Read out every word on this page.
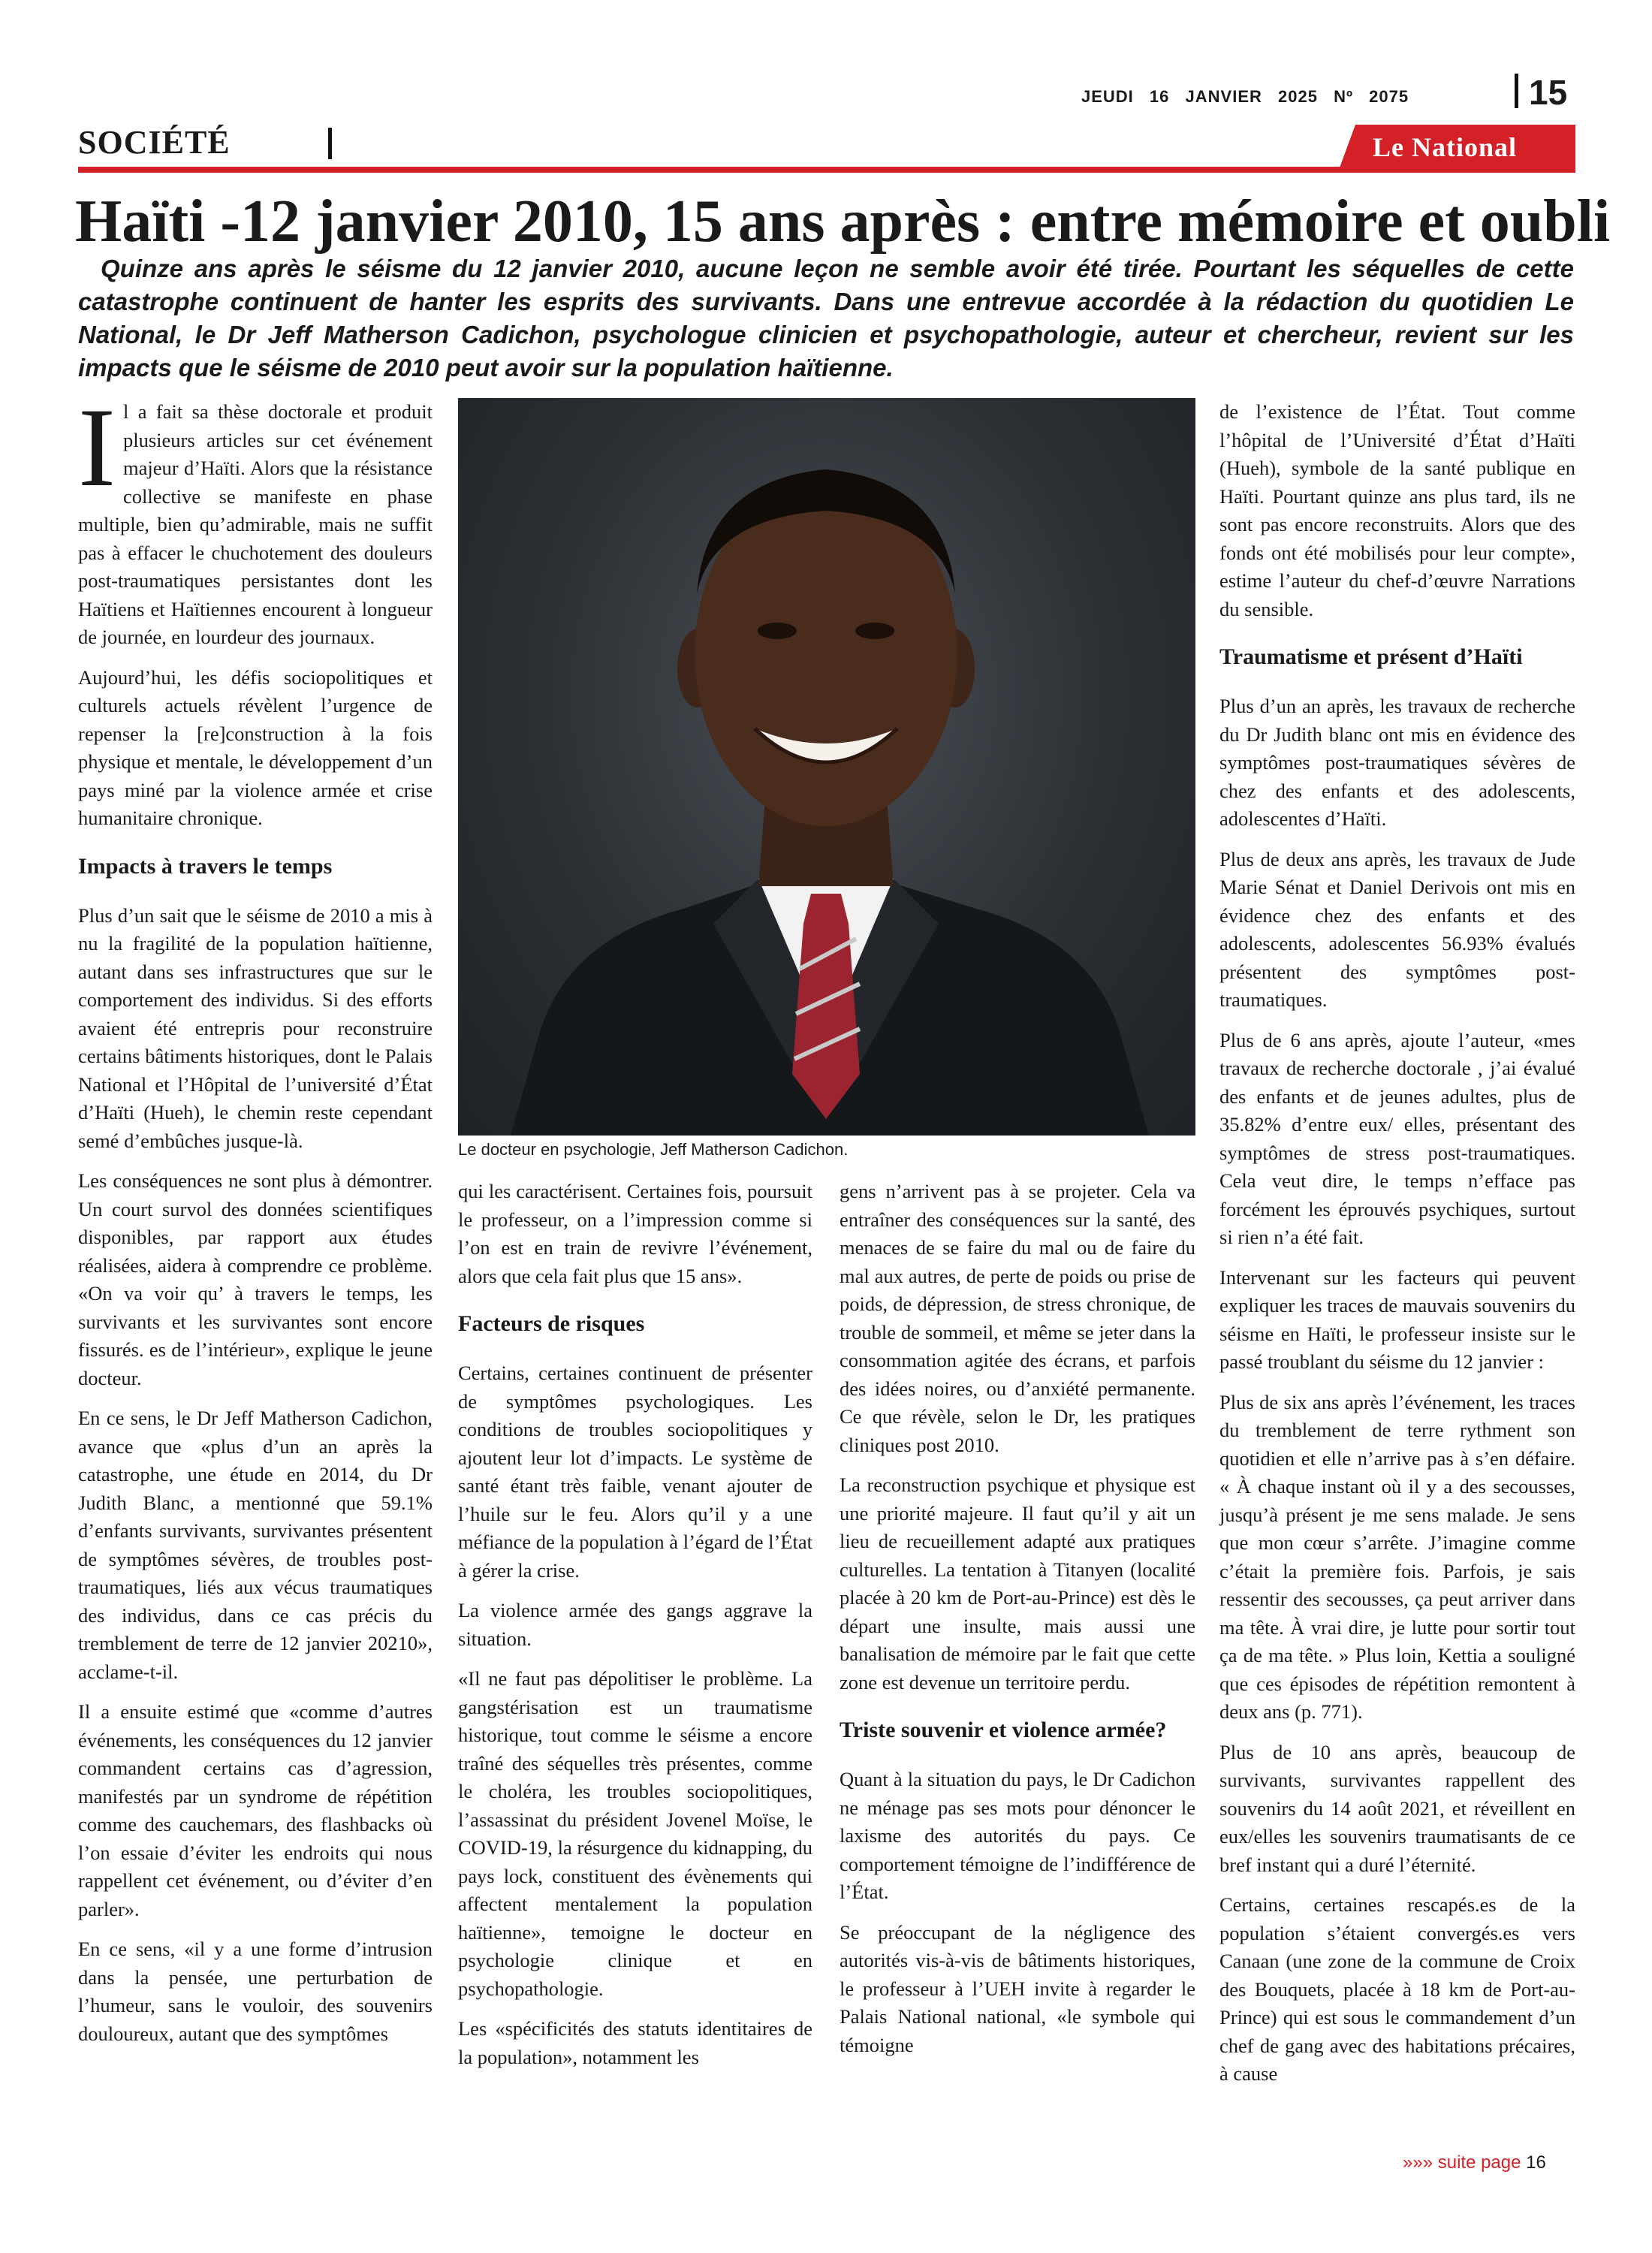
JEUDI 16 JANVIER 2025 Nº 2075	15
SOCIÉTÉ	Le National
Haïti -12 janvier 2010, 15 ans après : entre mémoire et oubli
Quinze ans après le séisme du 12 janvier 2010, aucune leçon ne semble avoir été tirée. Pourtant les séquelles de cette catastrophe continuent de hanter les esprits des survivants. Dans une entrevue accordée à la rédaction du quotidien Le National, le Dr Jeff Matherson Cadichon, psychologue clinicien et psychopathologie, auteur et chercheur, revient sur les impacts que le séisme de 2010 peut avoir sur la population haïtienne.

Il a fait sa thèse doctorale et produit plusieurs articles sur cet événement majeur d’Haïti. Alors que la résistance collective se manifeste en phase multiple, bien qu’admirable, mais ne suffit pas à effacer le chuchotement des douleurs post-traumatiques persistantes dont les Haïtiens et Haïtiennes encourent à longueur de journée, en lourdeur des journaux.

Aujourd’hui, les défis sociopolitiques et culturels actuels révèlent l’urgence de repenser la [re]construction à la fois physique et mentale, le développement d’un pays miné par la violence armée et crise humanitaire chronique.

Impacts à travers le temps

Plus d’un sait que le séisme de 2010 a mis à nu la fragilité de la population haïtienne, autant dans ses infrastructures que sur le comportement des individus. Si des efforts avaient été entrepris pour reconstruire certains bâtiments historiques, dont le Palais National et l’Hôpital de l’université d’État d’Haïti (Hueh), le chemin reste cependant semé d’embûches jusque-là.

Les conséquences ne sont plus à démontrer. Un court survol des données scientifiques disponibles, par rapport aux études réalisées, aidera à comprendre ce problème. «On va voir qu’ à travers le temps, les survivants et les survivantes sont encore fissurés. es de l’intérieur», explique le jeune docteur.

En ce sens, le Dr Jeff Matherson Cadichon, avance que «plus d’un an après la catastrophe, une étude en 2014, du Dr Judith Blanc, a mentionné que 59.1% d’enfants survivants, survivantes présentent de symptômes sévères, de troubles post-traumatiques, liés aux vécus traumatiques des individus, dans ce cas précis du tremblement de terre de 12 janvier 20210», acclame-t-il.

Il a ensuite estimé que «comme d’autres événements, les conséquences du 12 janvier commandent certains cas d’agression, manifestés par un syndrome de répétition comme des cauchemars, des flashbacks où l’on essaie d’éviter les endroits qui nous rappellent cet événement, ou d’éviter d’en parler».

En ce sens, «il y a une forme d’intrusion dans la pensée, une perturbation de l’humeur, sans le vouloir, des souvenirs douloureux, autant que des symptômes

Le docteur en psychologie, Jeff Matherson Cadichon.

qui les caractérisent. Certaines fois, poursuit le professeur, on a l’impression comme si l’on est en train de revivre l’événement, alors que cela fait plus que 15 ans».

Facteurs de risques

Certains, certaines continuent de présenter de symptômes psychologiques. Les conditions de troubles sociopolitiques y ajoutent leur lot d’impacts. Le système de santé étant très faible, venant ajouter de l’huile sur le feu. Alors qu’il y a une méfiance de la population à l’égard de l’État à gérer la crise.

La violence armée des gangs aggrave la situation.

«Il ne faut pas dépolitiser le problème. La gangstérisation est un traumatisme historique, tout comme le séisme a encore traîné des séquelles très présentes, comme le choléra, les troubles sociopolitiques, l’assassinat du président Jovenel Moïse, le COVID-19, la résurgence du kidnapping, du pays lock, constituent des évènements qui affectent mentalement la population haïtienne», temoigne le docteur en psychologie clinique et en psychopathologie.

Les «spécificités des statuts identitaires de la population», notamment les

gens n’arrivent pas à se projeter. Cela va entraîner des conséquences sur la santé, des menaces de se faire du mal ou de faire du mal aux autres, de perte de poids ou prise de poids, de dépression, de stress chronique, de trouble de sommeil, et même se jeter dans la consommation agitée des écrans, et parfois des idées noires, ou d’anxiété permanente. Ce que révèle, selon le Dr, les pratiques cliniques post 2010.

La reconstruction psychique et physique est une priorité majeure. Il faut qu’il y ait un lieu de recueillement adapté aux pratiques culturelles. La tentation à Titanyen (localité placée à 20 km de Port-au-Prince) est dès le départ une insulte, mais aussi une banalisation de mémoire par le fait que cette zone est devenue un territoire perdu.

Triste souvenir et violence armée?

Quant à la situation du pays, le Dr Cadichon ne ménage pas ses mots pour dénoncer le laxisme des autorités du pays. Ce comportement témoigne de l’indifférence de l’État.

Se préoccupant de la négligence des autorités vis-à-vis de bâtiments historiques, le professeur à l’UEH invite à regarder le Palais National national, «le symbole qui témoigne

de l’existence de l’État. Tout comme l’hôpital de l’Université d’État d’Haïti (Hueh), symbole de la santé publique en Haïti. Pourtant quinze ans plus tard, ils ne sont pas encore reconstruits. Alors que des fonds ont été mobilisés pour leur compte», estime l’auteur du chef-d’œuvre Narrations du sensible.

Traumatisme et présent d’Haïti

Plus d’un an après, les travaux de recherche du Dr Judith blanc ont mis en évidence des symptômes post-traumatiques sévères de chez des enfants et des adolescents, adolescentes d’Haïti.

Plus de deux ans après, les travaux de Jude Marie Sénat et Daniel Derivois ont mis en évidence chez des enfants et des adolescents, adolescentes 56.93% évalués présentent des symptômes post-traumatiques.

Plus de 6 ans après, ajoute l’auteur, «mes travaux de recherche doctorale , j’ai évalué des enfants et de jeunes adultes, plus de 35.82% d’entre eux/ elles, présentant des symptômes de stress post-traumatiques. Cela veut dire, le temps n’efface pas forcément les éprouvés psychiques, surtout si rien n’a été fait.

Intervenant sur les facteurs qui peuvent expliquer les traces de mauvais souvenirs du séisme en Haïti, le professeur insiste sur le passé troublant du séisme du 12 janvier :

Plus de six ans après l’événement, les traces du tremblement de terre rythment son quotidien et elle n’arrive pas à s’en défaire. « À chaque instant où il y a des secousses, jusqu’à présent je me sens malade. Je sens que mon cœur s’arrête. J’imagine comme c’était la première fois. Parfois, je sais ressentir des secousses, ça peut arriver dans ma tête. À vrai dire, je lutte pour sortir tout ça de ma tête. » Plus loin, Kettia a souligné que ces épisodes de répétition remontent à deux ans (p. 771).

Plus de 10 ans après, beaucoup de survivants, survivantes rappellent des souvenirs du 14 août 2021, et réveillent en eux/elles les souvenirs traumatisants de ce bref instant qui a duré l’éternité.

Certains, certaines rescapés.es de la population s’étaient convergés.es vers Canaan (une zone de la commune de Croix des Bouquets, placée à 18 km de Port-au-Prince) qui est sous le commandement d’un chef de gang avec des habitations précaires, à cause

»»» suite page 16
